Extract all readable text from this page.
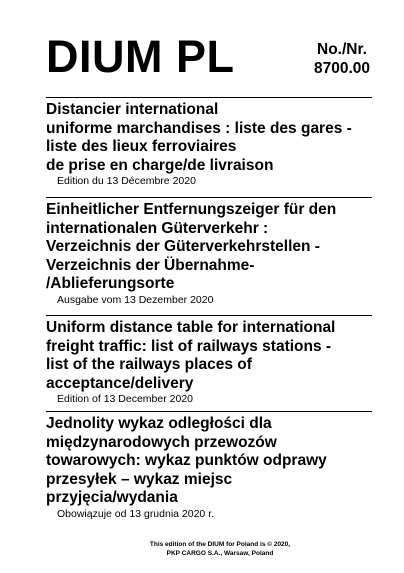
DIUM PL	No./Nr.
8700.00
Distancier international
uniforme marchandises : liste des gares -
liste des lieux ferroviaires
de prise en charge/de livraison
Edition du 13 Décembre 2020
Einheitlicher Entfernungszeiger für den
internationalen Güterverkehr :
Verzeichnis der Güterverkehrstellen -
Verzeichnis der Übernahme-
/Ablieferungsorte
Ausgabe vom 13 Dezember 2020
Uniform distance table for international
freight traffic: list of railways stations -
list of the railways places of
acceptance/delivery
Edition of 13 December 2020
Jednolity wykaz odległości dla
międzynarodowych przewozów
towarowych: wykaz punktów odprawy
przesyłek – wykaz miejsc
przyjęcia/wydania
Obowiązuje od 13 grudnia 2020 r.
This edition of the DIUM for Poland is © 2020,
PKP CARGO S.A., Warsaw, Poland
